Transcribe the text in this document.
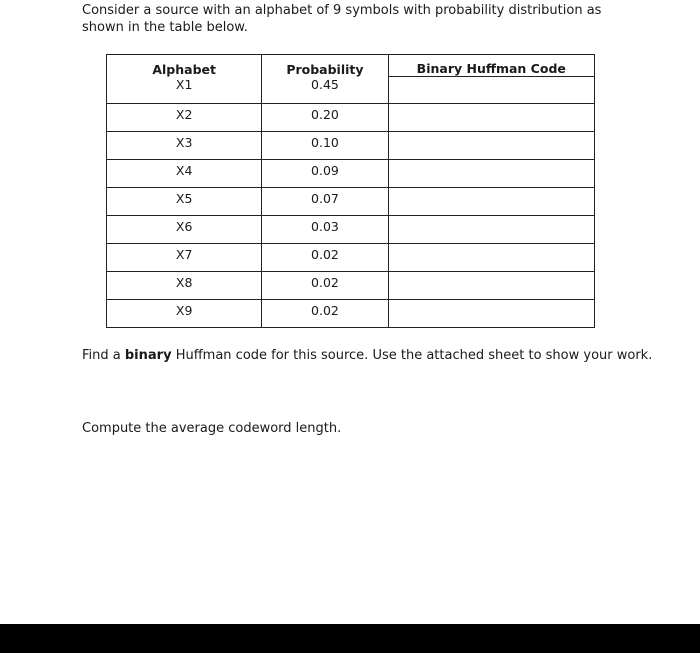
Consider a source with an alphabet of 9 symbols with probability distribution as shown in the table below.

Alphabet	Probability	Binary Huffman Code
X1	0.45	
X2	0.20	
X3	0.10	
X4	0.09	
X5	0.07	
X6	0.03	
X7	0.02	
X8	0.02	
X9	0.02	

Find a binary Huffman code for this source. Use the attached sheet to show your work.

Compute the average codeword length.
